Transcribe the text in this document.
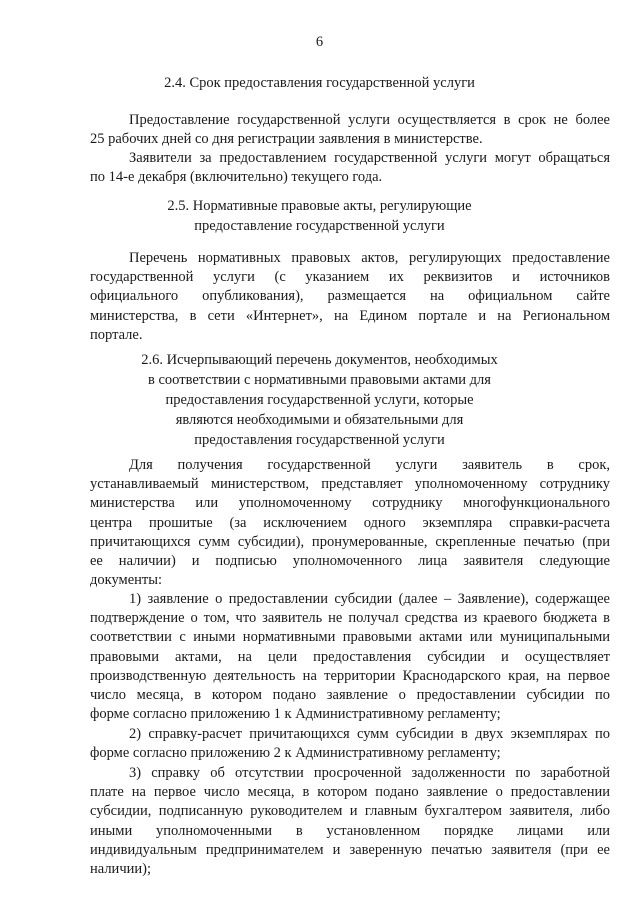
6
2.4. Срок предоставления государственной услуги
Предоставление государственной услуги осуществляется в срок не более
25 рабочих дней со дня регистрации заявления в министерстве.
Заявители за предоставлением государственной услуги могут обращаться
по 14-е декабря (включительно) текущего года.
2.5. Нормативные правовые акты, регулирующие
предоставление государственной услуги
Перечень нормативных правовых актов, регулирующих предоставление
государственной услуги (с указанием их реквизитов и источников
официального опубликования), размещается на официальном сайте
министерства, в сети «Интернет», на Едином портале и на Региональном
портале.
2.6. Исчерпывающий перечень документов, необходимых
в соответствии с нормативными правовыми актами для
предоставления государственной услуги, которые
являются необходимыми и обязательными для
предоставления государственной услуги
Для получения государственной услуги заявитель в срок,
устанавливаемый министерством, представляет уполномоченному сотруднику
министерства или уполномоченному сотруднику многофункционального
центра прошитые (за исключением одного экземпляра справки-расчета
причитающихся сумм субсидии), пронумерованные, скрепленные печатью (при
ее наличии) и подписью уполномоченного лица заявителя следующие
документы:
1) заявление о предоставлении субсидии (далее – Заявление), содержащее
подтверждение о том, что заявитель не получал средства из краевого бюджета в
соответствии с иными нормативными правовыми актами или муниципальными
правовыми актами, на цели предоставления субсидии и осуществляет
производственную деятельность на территории Краснодарского края, на первое
число месяца, в котором подано заявление о предоставлении субсидии по
форме согласно приложению 1 к Административному регламенту;
2) справку-расчет причитающихся сумм субсидии в двух экземплярах по
форме согласно приложению 2 к Административному регламенту;
3) справку об отсутствии просроченной задолженности по заработной
плате на первое число месяца, в котором подано заявление о предоставлении
субсидии, подписанную руководителем и главным бухгалтером заявителя, либо
иными уполномоченными в установленном порядке лицами или
индивидуальным предпринимателем и заверенную печатью заявителя (при ее
наличии);
